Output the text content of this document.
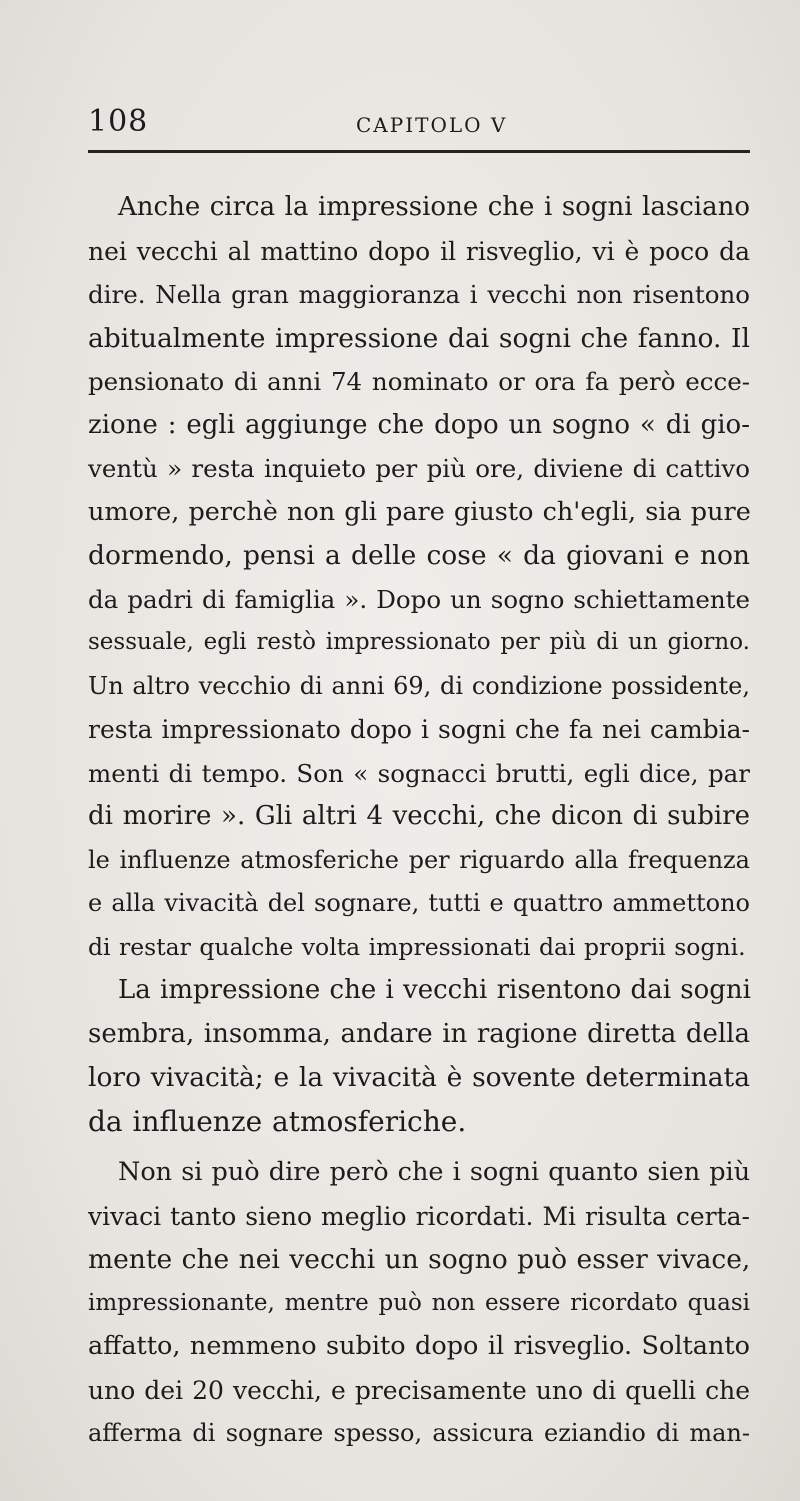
108	CAPITOLO V

Anche circa la impressione che i sogni lasciano
nei vecchi al mattino dopo il risveglio, vi è poco da
dire. Nella gran maggioranza i vecchi non risentono
abitualmente impressione dai sogni che fanno. Il
pensionato di anni 74 nominato or ora fa però ecce-
zione : egli aggiunge che dopo un sogno « di gio-
ventù » resta inquieto per più ore, diviene di cattivo
umore, perchè non gli pare giusto ch'egli, sia pure
dormendo, pensi a delle cose « da giovani e non
da padri di famiglia ». Dopo un sogno schiettamente
sessuale, egli restò impressionato per più di un giorno.
Un altro vecchio di anni 69, di condizione possidente,
resta impressionato dopo i sogni che fa nei cambia-
menti di tempo. Son « sognacci brutti, egli dice, par
di morire ». Gli altri 4 vecchi, che dicon di subire
le influenze atmosferiche per riguardo alla frequenza
e alla vivacità del sognare, tutti e quattro ammettono
di restar qualche volta impressionati dai proprii sogni.

La impressione che i vecchi risentono dai sogni
sembra, insomma, andare in ragione diretta della
loro vivacità; e la vivacità è sovente determinata
da influenze atmosferiche.

Non si può dire però che i sogni quanto sien più
vivaci tanto sieno meglio ricordati. Mi risulta certa-
mente che nei vecchi un sogno può esser vivace,
impressionante, mentre può non essere ricordato quasi
affatto, nemmeno subito dopo il risveglio. Soltanto
uno dei 20 vecchi, e precisamente uno di quelli che
afferma di sognare spesso, assicura eziandio di man-
